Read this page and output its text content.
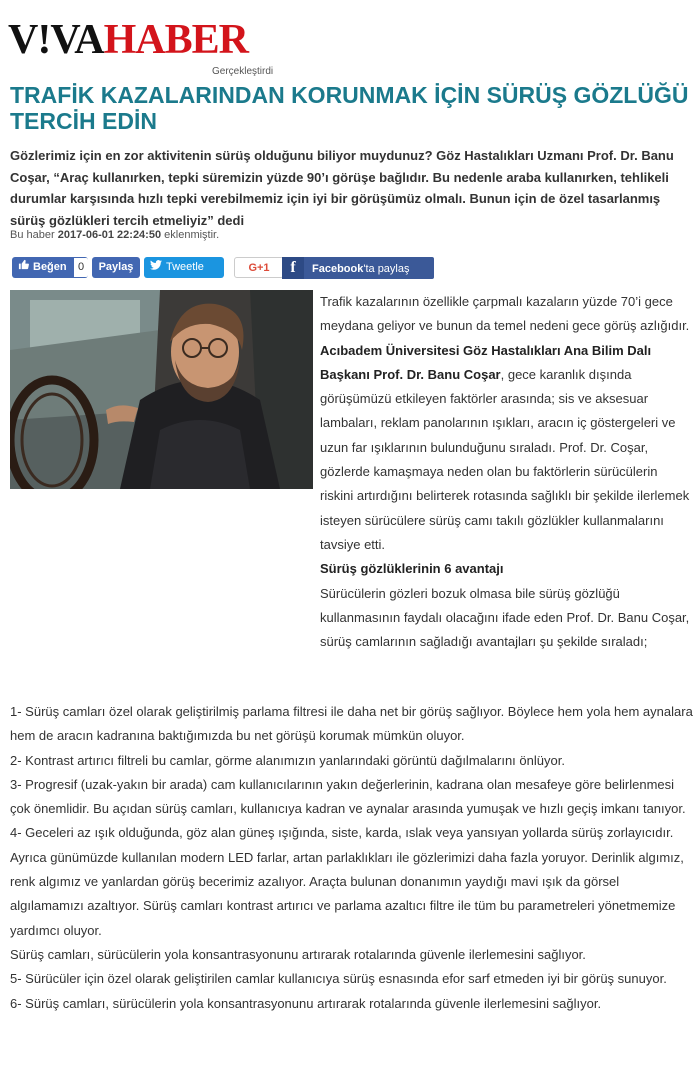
V!VAHABER
Gerçekleştirdi
TRAFİK KAZALARINDAN KORUNMAK İÇİN SÜRÜŞ GÖZLÜĞÜ TERCİH EDİN

Gözlerimiz için en zor aktivitenin sürüş olduğunu biliyor muydunuz? Göz Hastalıkları Uzmanı Prof. Dr. Banu Coşar, “Araç kullanırken, tepki süremizin yüzde 90’ı görüşe bağlıdır. Bu nedenle araba kullanırken, tehlikeli durumlar karşısında hızlı tepki verebilmemiz için iyi bir görüşümüz olmalı. Bunun için de özel tasarlanmış sürüş gözlükleri tercih etmeliyiz” dedi

Bu haber 2017-06-01 22:24:50 eklenmiştir.
Beğen	0	Paylaş	Tweetle	G+1	f Facebook'ta paylaş

Trafik kazalarının özellikle çarpmalı kazaların yüzde 70’i gece meydana geliyor ve bunun da temel nedeni gece görüş azlığıdır. Acıbadem Üniversitesi Göz Hastalıkları Ana Bilim Dalı Başkanı Prof. Dr. Banu Coşar, gece karanlık dışında görüşümüzü etkileyen faktörler arasında; sis ve aksesuar lambaları, reklam panolarının ışıkları, aracın iç göstergeleri ve uzun far ışıklarının bulunduğunu sıraladı. Prof. Dr. Coşar, gözlerde kamaşmaya neden olan bu faktörlerin sürücülerin riskini artırdığını belirterek rotasında sağlıklı bir şekilde ilerlemek isteyen sürücülere sürüş camı takılı gözlükler kullanmalarını tavsiye etti.

Sürüş gözlüklerinin 6 avantajı

Sürücülerin gözleri bozuk olmasa bile sürüş gözlüğü kullanmasının faydalı olacağını ifade eden Prof. Dr. Banu Coşar, sürüş camlarının sağladığı avantajları şu şekilde sıraladı;

1- Sürüş camları özel olarak geliştirilmiş parlama filtresi ile daha net bir görüş sağlıyor. Böylece hem yola hem aynalara hem de aracın kadranına baktığımızda bu net görüşü korumak mümkün oluyor.

2- Kontrast artırıcı filtreli bu camlar, görme alanımızın yanlarındaki görüntü dağılmalarını önlüyor.

3- Progresif (uzak-yakın bir arada) cam kullanıcılarının yakın değerlerinin, kadrana olan mesafeye göre belirlenmesi çok önemlidir. Bu açıdan sürüş camları, kullanıcıya kadran ve aynalar arasında yumuşak ve hızlı geçiş imkanı tanıyor.

4- Geceleri az ışık olduğunda, göz alan güneş ışığında, siste, karda, ıslak veya yansıyan yollarda sürüş zorlayıcıdır. Ayrıca günümüzde kullanılan modern LED farlar, artan parlaklıkları ile gözlerimizi daha fazla yoruyor. Derinlik algımız, renk algımız ve yanlardan görüş becerimiz azalıyor. Araçta bulunan donanımın yaydığı mavi ışık da görsel algılamamızı azaltıyor. Sürüş camları kontrast artırıcı ve parlama azaltıcı filtre ile tüm bu parametreleri yönetmemize yardımcı oluyor.

Sürüş camları, sürücülerin yola konsantrasyonunu artırarak rotalarında güvenle ilerlemesini sağlıyor.

5- Sürücüler için özel olarak geliştirilen camlar kullanıcıya sürüş esnasında efor sarf etmeden iyi bir görüş sunuyor.

6- Sürüş camları, sürücülerin yola konsantrasyonunu artırarak rotalarında güvenle ilerlemesini sağlıyor.
